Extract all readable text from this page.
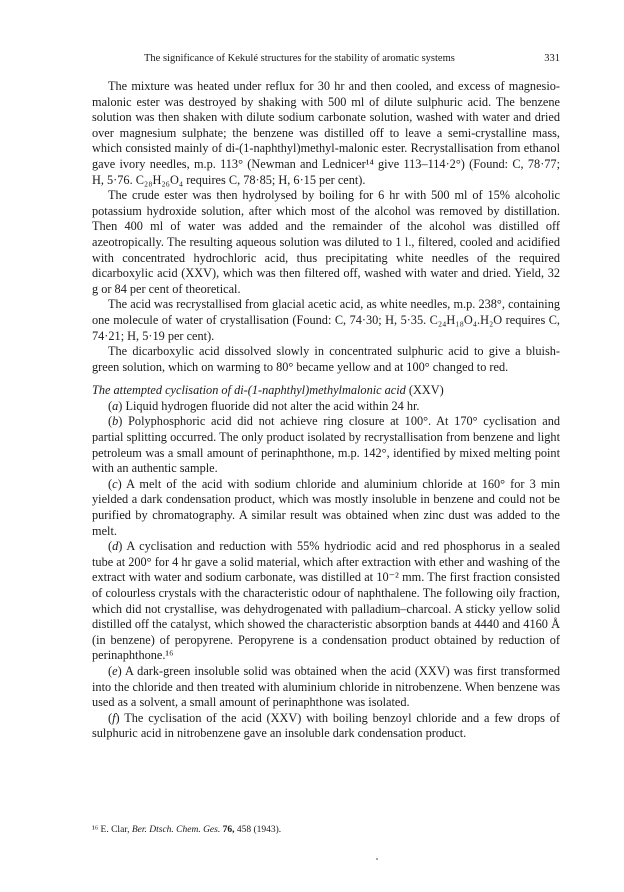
The significance of Kekulé structures for the stability of aromatic systems	331

The mixture was heated under reflux for 30 hr and then cooled, and excess of magnesio-malonic ester was destroyed by shaking with 500 ml of dilute sulphuric acid. The benzene solution was then shaken with dilute sodium carbonate solution, washed with water and dried over magnesium sulphate; the benzene was distilled off to leave a semi-crystalline mass, which consisted mainly of di-(1-naphthyl)methyl-malonic ester. Recrystallisation from ethanol gave ivory needles, m.p. 113° (Newman and Lednicer¹⁴ give 113–114·2°) (Found: C, 78·77; H, 5·76. C₂₈H₂₆O₄ requires C, 78·85; H, 6·15 per cent).

The crude ester was then hydrolysed by boiling for 6 hr with 500 ml of 15% alcoholic potassium hydroxide solution, after which most of the alcohol was removed by distillation. Then 400 ml of water was added and the remainder of the alcohol was distilled off azeotropically. The resulting aqueous solution was diluted to 1 l., filtered, cooled and acidified with concentrated hydrochloric acid, thus precipitating white needles of the required dicarboxylic acid (XXV), which was then filtered off, washed with water and dried. Yield, 32 g or 84 per cent of theoretical.

The acid was recrystallised from glacial acetic acid, as white needles, m.p. 238°, containing one molecule of water of crystallisation (Found: C, 74·30; H, 5·35. C₂₄H₁₈O₄.H₂O requires C, 74·21; H, 5·19 per cent).

The dicarboxylic acid dissolved slowly in concentrated sulphuric acid to give a bluish-green solution, which on warming to 80° became yellow and at 100° changed to red.

The attempted cyclisation of di-(1-naphthyl)methylmalonic acid (XXV)

(a) Liquid hydrogen fluoride did not alter the acid within 24 hr.

(b) Polyphosphoric acid did not achieve ring closure at 100°. At 170° cyclisation and partial splitting occurred. The only product isolated by recrystallisation from benzene and light petroleum was a small amount of perinaphthone, m.p. 142°, identified by mixed melting point with an authentic sample.

(c) A melt of the acid with sodium chloride and aluminium chloride at 160° for 3 min yielded a dark condensation product, which was mostly insoluble in benzene and could not be purified by chromatography. A similar result was obtained when zinc dust was added to the melt.

(d) A cyclisation and reduction with 55% hydriodic acid and red phosphorus in a sealed tube at 200° for 4 hr gave a solid material, which after extraction with ether and washing of the extract with water and sodium carbonate, was distilled at 10⁻² mm. The first fraction consisted of colourless crystals with the characteristic odour of naphthalene. The following oily fraction, which did not crystallise, was dehydrogenated with palladium–charcoal. A sticky yellow solid distilled off the catalyst, which showed the characteristic absorption bands at 4440 and 4160 Å (in benzene) of peropyrene. Peropyrene is a condensation product obtained by reduction of perinaphthone.¹⁶

(e) A dark-green insoluble solid was obtained when the acid (XXV) was first transformed into the chloride and then treated with aluminium chloride in nitrobenzene. When benzene was used as a solvent, a small amount of perinaphthone was isolated.

(f) The cyclisation of the acid (XXV) with boiling benzoyl chloride and a few drops of sulphuric acid in nitrobenzene gave an insoluble dark condensation product.

¹⁶ E. Clar, Ber. Dtsch. Chem. Ges. 76, 458 (1943).
